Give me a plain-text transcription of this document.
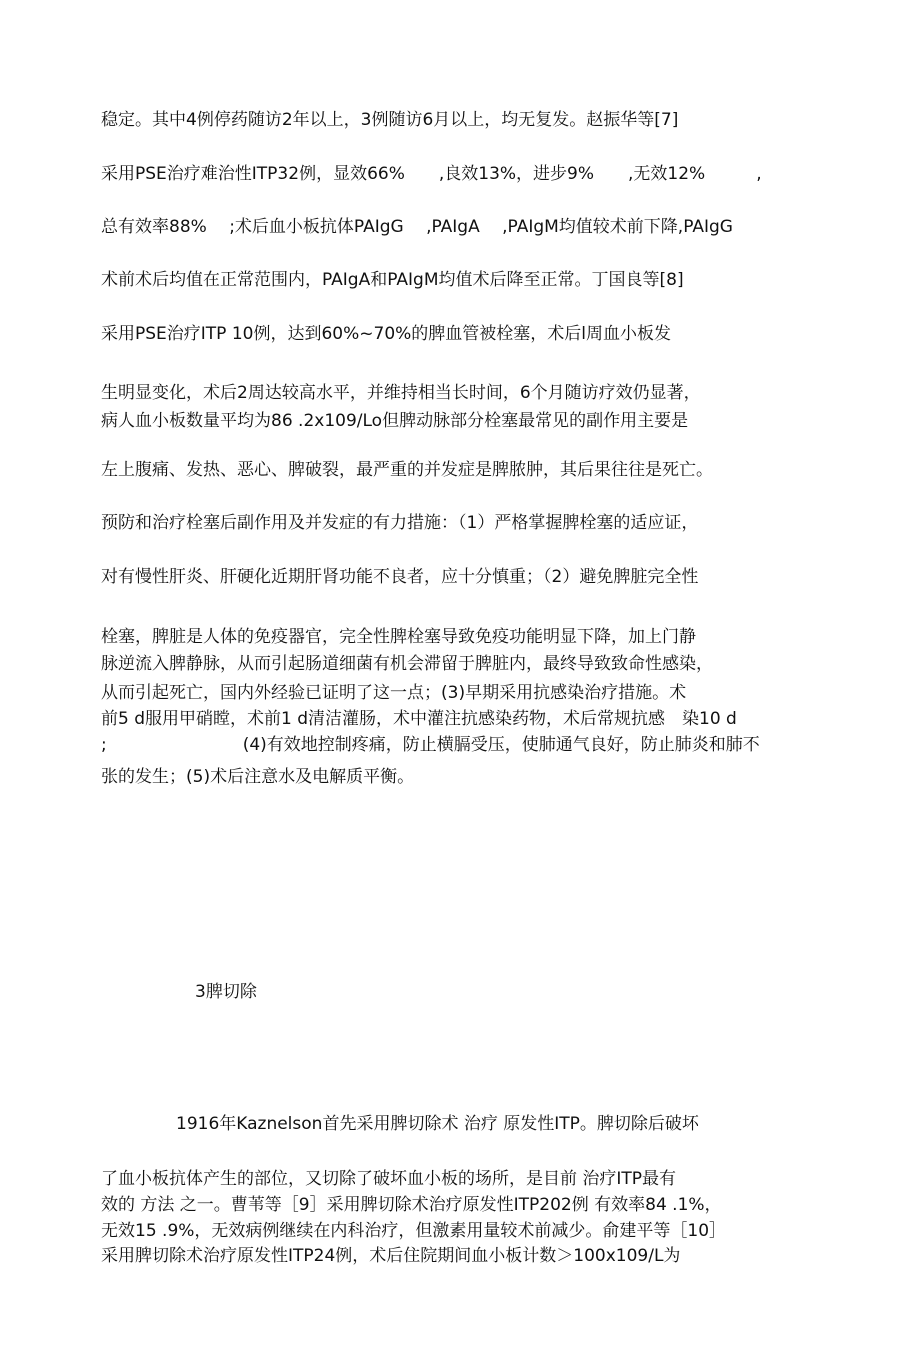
稳定。其中4例停药随访2年以上，3例随访6月以上，均无复发。赵振华等[7]
采用PSE治疗难治性ITP32例，显效66%　　,良效13%，进步9%　　,无效12%　　　,
总有效率88%　 ;术后血小板抗体PAIgG　 ,PAIgA　 ,PAIgM均值较术前下降,PAIgG
术前术后均值在正常范围内，PAIgA和PAIgM均值术后降至正常。丁国良等[8]
采用PSE治疗ITP 10例，达到60%~70%的脾血管被栓塞，术后l周血小板发
生明显变化，术后2周达较高水平，并维持相当长时间，6个月随访疗效仍显著，
病人血小板数量平均为86 .2x109/Lo但脾动脉部分栓塞最常见的副作用主要是
左上腹痛、发热、恶心、脾破裂，最严重的并发症是脾脓肿，其后果往往是死亡。
预防和治疗栓塞后副作用及并发症的有力措施：（1）严格掌握脾栓塞的适应证，
对有慢性肝炎、肝硬化近期肝肾功能不良者，应十分慎重；（2）避免脾脏完全性
栓塞，脾脏是人体的免疫器官，完全性脾栓塞导致免疫功能明显下降，加上门静
脉逆流入脾静脉，从而引起肠道细菌有机会滞留于脾脏内，最终导致致命性感染，
从而引起死亡，国内外经验已证明了这一点；(3)早期采用抗感染治疗措施。术
前5 d服用甲硝瞠，术前1 d清洁灌肠，术中灌注抗感染药物，术后常规抗感　染10 d
;　　　　　　　　(4)有效地控制疼痛，防止横膈受压，使肺通气良好，防止肺炎和肺不
张的发生；(5)术后注意水及电解质平衡。
3脾切除
1916年Kaznelson首先采用脾切除术 治疗 原发性ITP。脾切除后破坏
了血小板抗体产生的部位，又切除了破坏血小板的场所，是目前 治疗ITP最有
效的 方法 之一。曹苇等［9］采用脾切除术治疗原发性ITP202例 有效率84 .1%，
无效15 .9%，无效病例继续在内科治疗，但激素用量较术前减少。俞建平等［10］
采用脾切除术治疗原发性ITP24例，术后住院期间血小板计数＞100x109/L为
